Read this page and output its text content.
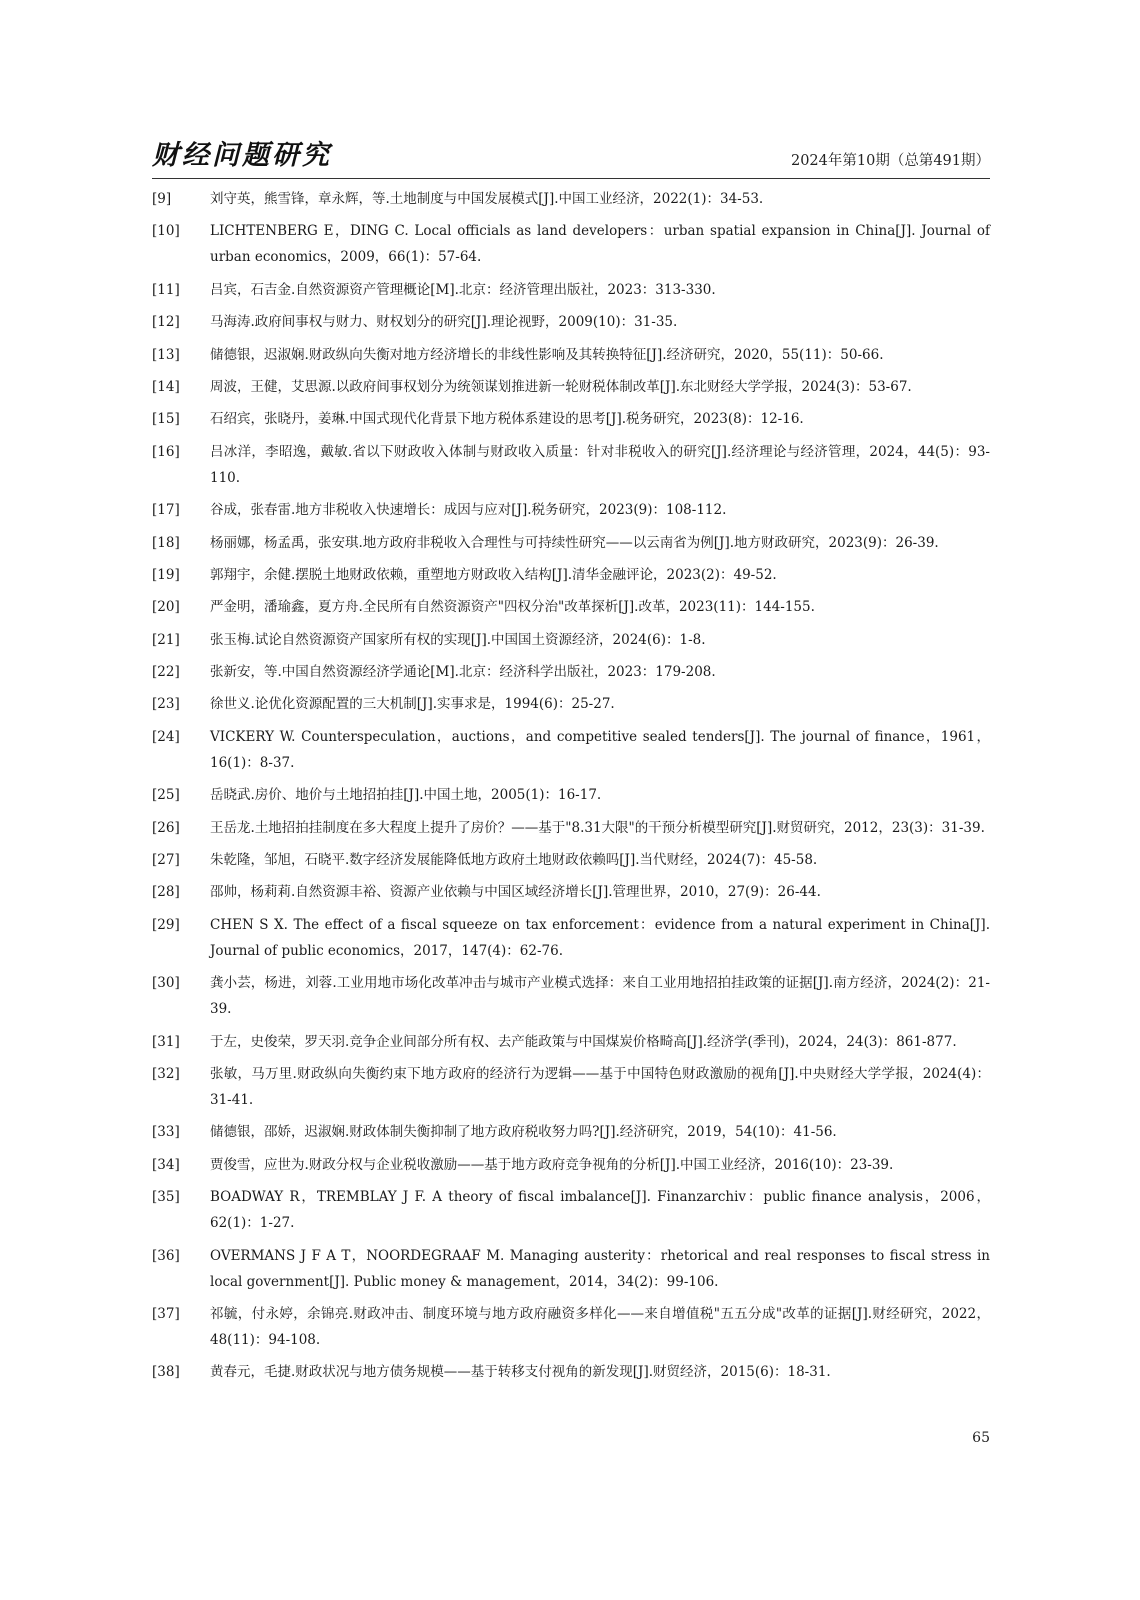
财经问题研究	2024年第10期（总第491期）
[9]	刘守英，熊雪锋，章永辉，等.土地制度与中国发展模式[J].中国工业经济，2022(1)：34-53.
[10]	LICHTENBERG E，DING C. Local officials as land developers：urban spatial expansion in China[J]. Journal of urban economics，2009，66(1)：57-64.
[11]	吕宾，石吉金.自然资源资产管理概论[M].北京：经济管理出版社，2023：313-330.
[12]	马海涛.政府间事权与财力、财权划分的研究[J].理论视野，2009(10)：31-35.
[13]	储德银，迟淑娴.财政纵向失衡对地方经济增长的非线性影响及其转换特征[J].经济研究，2020，55(11)：50-66.
[14]	周波，王健，艾思源.以政府间事权划分为统领谋划推进新一轮财税体制改革[J].东北财经大学学报，2024(3)：53-67.
[15]	石绍宾，张晓丹，姜琳.中国式现代化背景下地方税体系建设的思考[J].税务研究，2023(8)：12-16.
[16]	吕冰洋，李昭逸，戴敏.省以下财政收入体制与财政收入质量：针对非税收入的研究[J].经济理论与经济管理，2024，44(5)：93-110.
[17]	谷成，张春雷.地方非税收入快速增长：成因与应对[J].税务研究，2023(9)：108-112.
[18]	杨丽娜，杨孟禹，张安琪.地方政府非税收入合理性与可持续性研究——以云南省为例[J].地方财政研究，2023(9)：26-39.
[19]	郭翔宇，余健.摆脱土地财政依赖，重塑地方财政收入结构[J].清华金融评论，2023(2)：49-52.
[20]	严金明，潘瑜鑫，夏方舟.全民所有自然资源资产"四权分治"改革探析[J].改革，2023(11)：144-155.
[21]	张玉梅.试论自然资源资产国家所有权的实现[J].中国国土资源经济，2024(6)：1-8.
[22]	张新安，等.中国自然资源经济学通论[M].北京：经济科学出版社，2023：179-208.
[23]	徐世义.论优化资源配置的三大机制[J].实事求是，1994(6)：25-27.
[24]	VICKERY W. Counterspeculation，auctions，and competitive sealed tenders[J]. The journal of finance，1961，16(1)：8-37.
[25]	岳晓武.房价、地价与土地招拍挂[J].中国土地，2005(1)：16-17.
[26]	王岳龙.土地招拍挂制度在多大程度上提升了房价？——基于"8.31大限"的干预分析模型研究[J].财贸研究，2012，23(3)：31-39.
[27]	朱乾隆，邹旭，石晓平.数字经济发展能降低地方政府土地财政依赖吗[J].当代财经，2024(7)：45-58.
[28]	邵帅，杨莉莉.自然资源丰裕、资源产业依赖与中国区域经济增长[J].管理世界，2010，27(9)：26-44.
[29]	CHEN S X. The effect of a fiscal squeeze on tax enforcement：evidence from a natural experiment in China[J]. Journal of public economics，2017，147(4)：62-76.
[30]	龚小芸，杨进，刘蓉.工业用地市场化改革冲击与城市产业模式选择：来自工业用地招拍挂政策的证据[J].南方经济，2024(2)：21-39.
[31]	于左，史俊荣，罗天羽.竞争企业间部分所有权、去产能政策与中国煤炭价格畸高[J].经济学(季刊)，2024，24(3)：861-877.
[32]	张敏，马万里.财政纵向失衡约束下地方政府的经济行为逻辑——基于中国特色财政激励的视角[J].中央财经大学学报，2024(4)：31-41.
[33]	储德银，邵娇，迟淑娴.财政体制失衡抑制了地方政府税收努力吗?[J].经济研究，2019，54(10)：41-56.
[34]	贾俊雪，应世为.财政分权与企业税收激励——基于地方政府竞争视角的分析[J].中国工业经济，2016(10)：23-39.
[35]	BOADWAY R，TREMBLAY J F. A theory of fiscal imbalance[J]. Finanzarchiv：public finance analysis，2006，62(1)：1-27.
[36]	OVERMANS J F A T，NOORDEGRAAF M. Managing austerity：rhetorical and real responses to fiscal stress in local government[J]. Public money & management，2014，34(2)：99-106.
[37]	祁毓，付永婷，余锦亮.财政冲击、制度环境与地方政府融资多样化——来自增值税"五五分成"改革的证据[J].财经研究，2022，48(11)：94-108.
[38]	黄春元，毛捷.财政状况与地方债务规模——基于转移支付视角的新发现[J].财贸经济，2015(6)：18-31.
65
